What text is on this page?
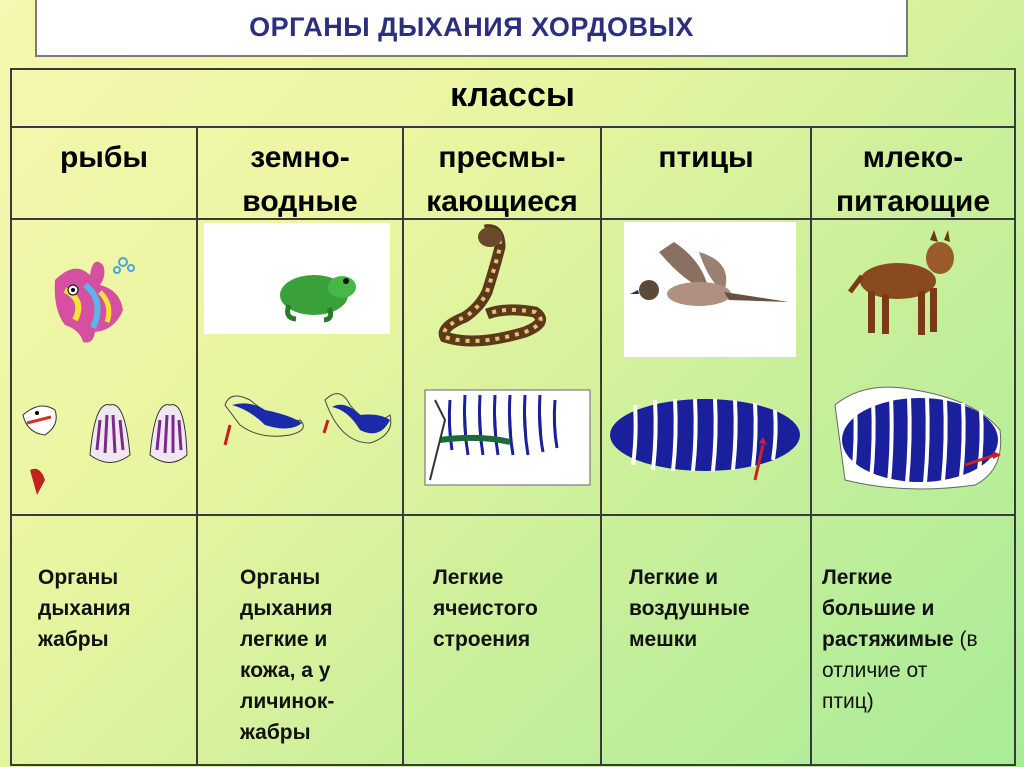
ОРГАНЫ ДЫХАНИЯ ХОРДОВЫХ
классы
рыбы	земно-
водные
пресмы-
кающиеся
птицы	млеко-
питающие
Органы
дыхания
жабры
Органы
дыхания
легкие и
кожа, а у
личинок-
жабры
Легкие
ячеистого
строения
Легкие и
воздушные
мешки
Легкие
большие и
растяжимые (в
отличие от
птиц)
